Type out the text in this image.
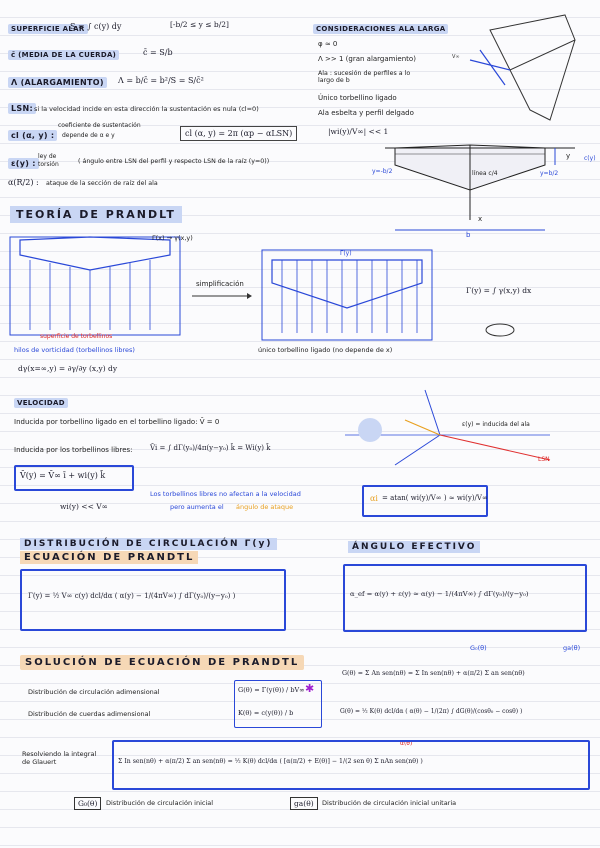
SUPERFICIE ALAR
S = ∫ c(y) dy	[-b/2 ≤ y ≤ b/2]
c̄ (MEDIA DE LA CUERDA)	c̄ = S/b
Λ (ALARGAMIENTO)	Λ = b/c̄ = b²/S = S/c̄²
LSN: si la velocidad incide en esta dirección la sustentación es nula (cl=0)
cl (α, y) :
coeficiente de sustentación
depende de α e y	cl (α, y) = 2π (αp − αLSN)
ε(y) :
ley de
torsión	( ángulo entre LSN del perfil y respecto LSN de la raíz (y=0))
α(R/2) : ataque de la sección de raíz del ala
CONSIDERACIONES ALA LARGA
φ ≈ 0
Λ >> 1 (gran alargamiento)
Ala : sucesión de perfiles a lo largo de b
Único torbellino ligado
Ala esbelta y perfil delgado
|wi(y)/V∞| << 1
V∞
línea c/4
y=-b/2	y=b/2
b
c(y)
x
y
TEORÍA DE PRANDLT
Γ(x) → γ(x,y)
superficie de torbellinos
hilos de vorticidad (torbellinos libres)
simplificación
Γ(y)
único torbellino ligado (no depende de x)
Γ(y) = ∫ γ(x,y) dx
dγ(x=∞,y) = ∂γ/∂y (x,y) dy
VELOCIDAD
Inducida por torbellino ligado en el torbellino ligado: V̄ = 0
Inducida por los torbellinos libres: V̄i = ∫ dΓ(y₀)/4π(y−y₀) k̄ = Wi(y) k̄
V̄(y) = V̄∞ ī + wi(y) k̄
wi(y) << V∞
Los torbellinos libres no afectan a la velocidad
pero aumenta el ángulo de ataque
αi = atan( wi(y)/V∞ ) ≈ wi(y)/V∞
ε(y) = inducida del ala
LSN
DISTRIBUCIÓN DE CIRCULACIÓN Γ(y)
ECUACIÓN DE PRANDTL
Γ(y) = ½ V∞ c(y) dcl/dα ( α(y) − 1/(4πV∞) ∫ dΓ(y₀)/(y−y₀) )
ÁNGULO EFECTIVO
α_ef = α(y) + ε(y) ≈ α(y) − 1/(4πV∞) ∫ dΓ(y₀)/(y−y₀)
SOLUCIÓN DE ECUACIÓN DE PRANDTL
G₀(θ)	ga(θ)
G(θ) = Σ An sen(nθ) = Σ In sen(nθ) + α(π/2) Σ an sen(nθ)
Distribución de circulación adimensional
Distribución de cuerdas adimensional
G(θ) = Γ(y(θ)) / bV∞
K(θ) = c(y(θ)) / b
✱
G(θ) = ½ K(θ) dcl/dα ( α(θ) − 1/(2π) ∫ dG(θ)/(cosθ₀ − cosθ) )
Resolviendo la integral de Glauert
α(θ)
Σ In sen(nθ) + α(π/2) Σ an sen(nθ) = ½ K(θ) dcl/dα ( [α(π/2) + E(θ)] − 1/(2 sen θ) Σ nAn sen(nθ) )
G₀(θ)	Distribución de circulación inicial	ga(θ)	Distribución de circulación inicial unitaria
